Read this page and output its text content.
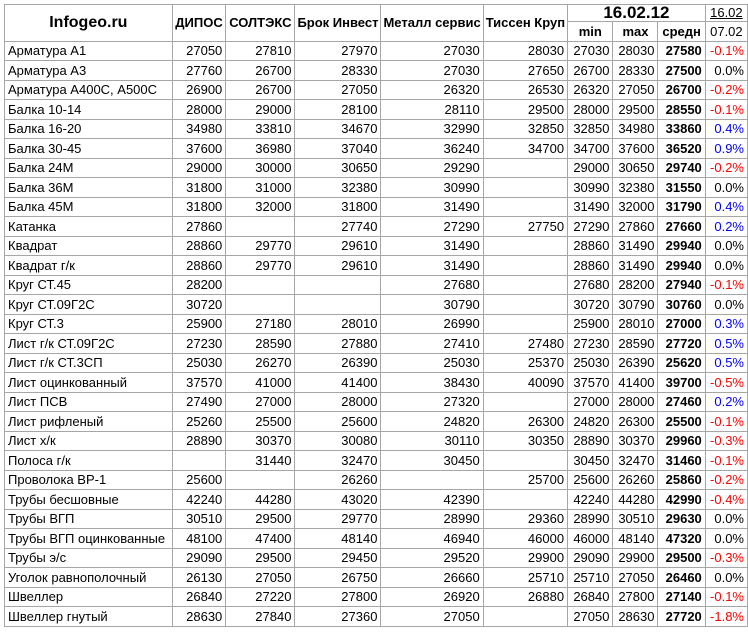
Infogeo.ru	ДИПОС	СОЛТЭКС	Брок Инвест	Металл сервис	Тиссен Круп	16.02.12			16.02
						min	max	средн	07.02
Арматура А1	27050	27810	27970	27030	28030	27030	28030	27580	-0.1%
Арматура А3	27760	26700	28330	27030	27650	26700	28330	27500	0.0%
Арматура А400С, А500С	26900	26700	27050	26320	26530	26320	27050	26700	-0.2%
Балка 10-14	28000	29000	28100	28110	29500	28000	29500	28550	-0.1%
Балка 16-20	34980	33810	34670	32990	32850	32850	34980	33860	0.4%
Балка 30-45	37600	36980	37040	36240	34700	34700	37600	36520	0.9%
Балка 24М	29000	30000	30650	29290		29000	30650	29740	-0.2%
Балка 36М	31800	31000	32380	30990		30990	32380	31550	0.0%
Балка 45М	31800	32000	31800	31490		31490	32000	31790	0.4%
Катанка	27860		27740	27290	27750	27290	27860	27660	0.2%
Квадрат	28860	29770	29610	31490		28860	31490	29940	0.0%
Квадрат г/к	28860	29770	29610	31490		28860	31490	29940	0.0%
Круг СТ.45	28200			27680		27680	28200	27940	-0.1%
Круг СТ.09Г2С	30720			30790		30720	30790	30760	0.0%
Круг СТ.3	25900	27180	28010	26990		25900	28010	27000	0.3%
Лист г/к СТ.09Г2С	27230	28590	27880	27410	27480	27230	28590	27720	0.5%
Лист г/к СТ.3СП	25030	26270	26390	25030	25370	25030	26390	25620	0.5%
Лист оцинкованный	37570	41000	41400	38430	40090	37570	41400	39700	-0.5%
Лист ПСВ	27490	27000	28000	27320		27000	28000	27460	0.2%
Лист рифленый	25260	25500	25600	24820	26300	24820	26300	25500	-0.1%
Лист х/к	28890	30370	30080	30110	30350	28890	30370	29960	-0.3%
Полоса г/к		31440	32470	30450		30450	32470	31460	-0.1%
Проволока ВР-1	25600		26260		25700	25600	26260	25860	-0.2%
Трубы бесшовные	42240	44280	43020	42390		42240	44280	42990	-0.4%
Трубы ВГП	30510	29500	29770	28990	29360	28990	30510	29630	0.0%
Трубы ВГП оцинкованные	48100	47400	48140	46940	46000	46000	48140	47320	0.0%
Трубы э/с	29090	29500	29450	29520	29900	29090	29900	29500	-0.3%
Уголок равнополочный	26130	27050	26750	26660	25710	25710	27050	26460	0.0%
Швеллер	26840	27220	27800	26920	26880	26840	27800	27140	-0.1%
Швеллер гнутый	28630	27840	27360	27050		27050	28630	27720	-1.8%
